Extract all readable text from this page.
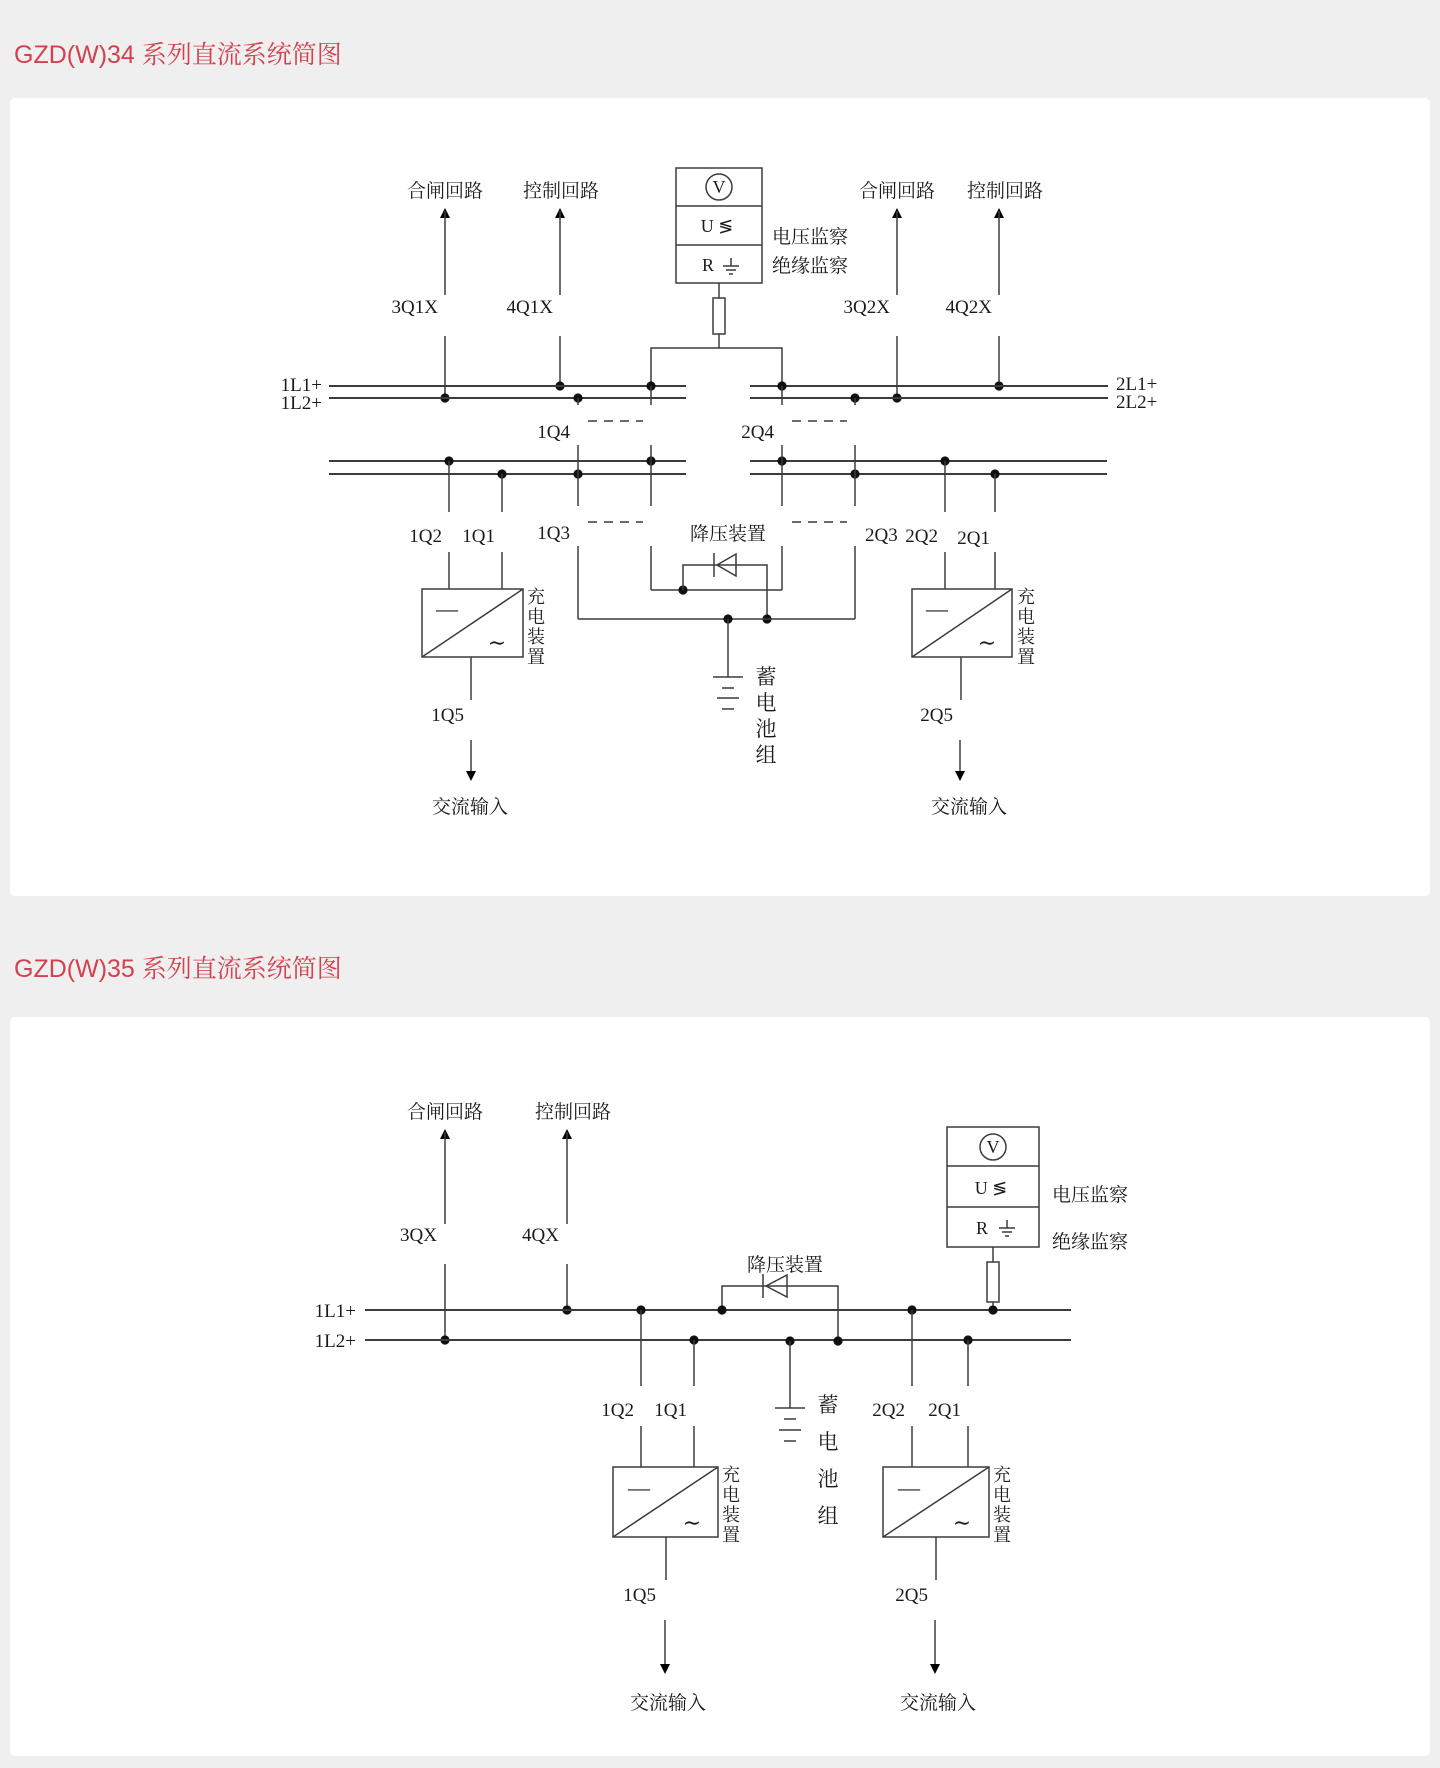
GZD(W)34 系列直流系统简图
合闸回路 控制回路	合闸回路 控制回路
3Q1X	4Q1X	3Q2X	4Q2X
V
U ≶
R
电压监察
绝缘监察
1L1+
1L2+
2L1+
2L2+
1Q4	2Q4
1Q3	2Q3
降压装置
蓄电池组
1Q2 1Q1	2Q2 2Q1
—
∼
—
∼
充电装置
充电装置
1Q5	2Q5
交流输入	交流输入
GZD(W)35 系列直流系统简图
合闸回路	控制回路
3QX	4QX
1L1+
1L2+
V
U ≶
R
电压监察
绝缘监察
降压装置
蓄电池组
1Q2 1Q1	2Q2 2Q1
—
∼
—
∼
充电装置
充电装置
1Q5	2Q5
交流输入	交流输入
